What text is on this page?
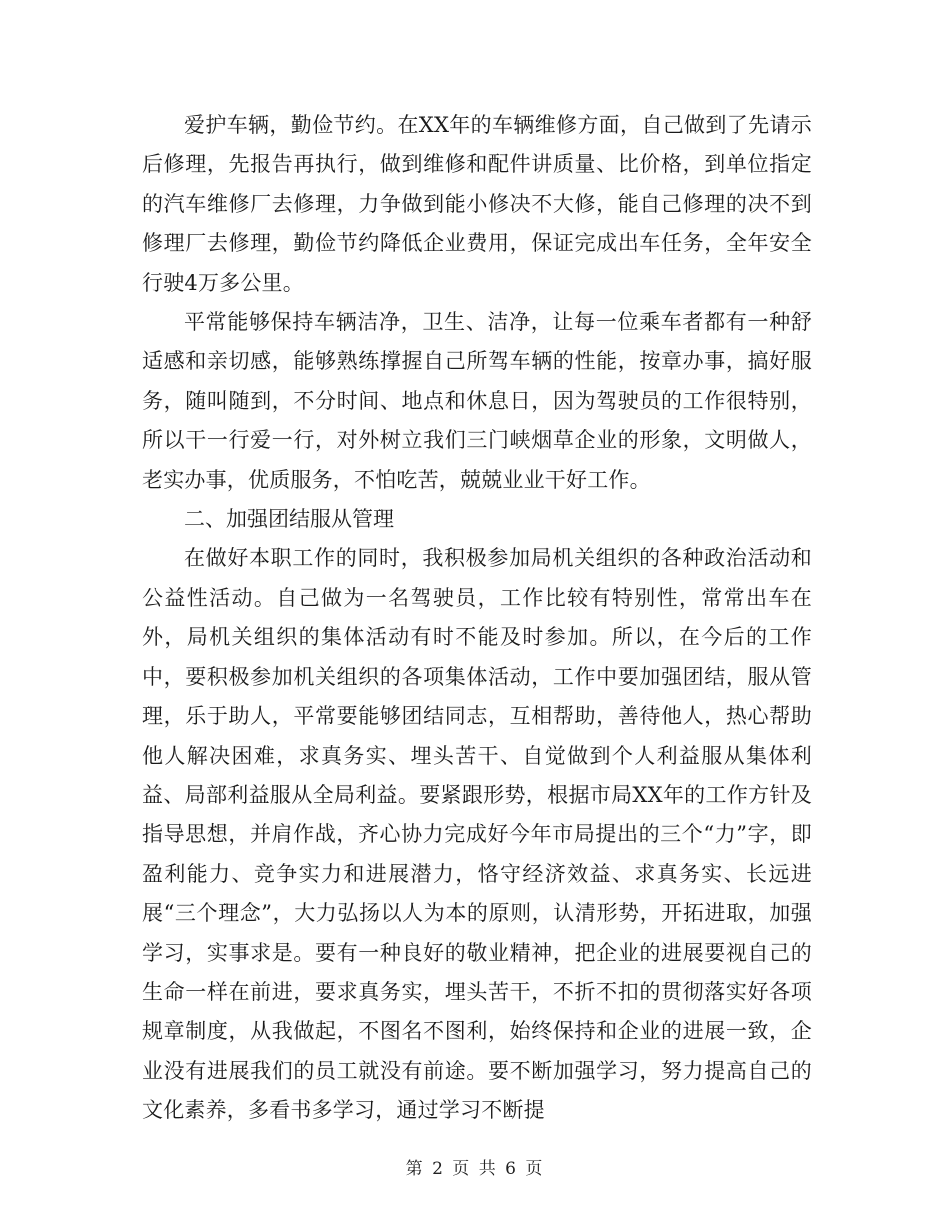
爱护车辆，勤俭节约。在XX年的车辆维修方面，自己做到了先请示后修理，先报告再执行，做到维修和配件讲质量、比价格，到单位指定的汽车维修厂去修理，力争做到能小修决不大修，能自己修理的决不到修理厂去修理，勤俭节约降低企业费用，保证完成出车任务，全年安全行驶4万多公里。

平常能够保持车辆洁净，卫生、洁净，让每一位乘车者都有一种舒适感和亲切感，能够熟练撑握自己所驾车辆的性能，按章办事，搞好服务，随叫随到，不分时间、地点和休息日，因为驾驶员的工作很特别，所以干一行爱一行，对外树立我们三门峡烟草企业的形象，文明做人，老实办事，优质服务，不怕吃苦，兢兢业业干好工作。

二、加强团结服从管理

在做好本职工作的同时，我积极参加局机关组织的各种政治活动和公益性活动。自己做为一名驾驶员，工作比较有特别性，常常出车在外，局机关组织的集体活动有时不能及时参加。所以，在今后的工作中，要积极参加机关组织的各项集体活动，工作中要加强团结，服从管理，乐于助人，平常要能够团结同志，互相帮助，善待他人，热心帮助他人解决困难，求真务实、埋头苦干、自觉做到个人利益服从集体利益、局部利益服从全局利益。要紧跟形势，根据市局XX年的工作方针及指导思想，并肩作战，齐心协力完成好今年市局提出的三个“力”字，即盈利能力、竞争实力和进展潜力，恪守经济效益、求真务实、长远进展“三个理念”，大力弘扬以人为本的原则，认清形势，开拓进取，加强学习，实事求是。要有一种良好的敬业精神，把企业的进展要视自己的生命一样在前进，要求真务实，埋头苦干，不折不扣的贯彻落实好各项规章制度，从我做起，不图名不图利，始终保持和企业的进展一致，企业没有进展我们的员工就没有前途。要不断加强学习，努力提高自己的文化素养，多看书多学习，通过学习不断提

第 2 页 共 6 页
